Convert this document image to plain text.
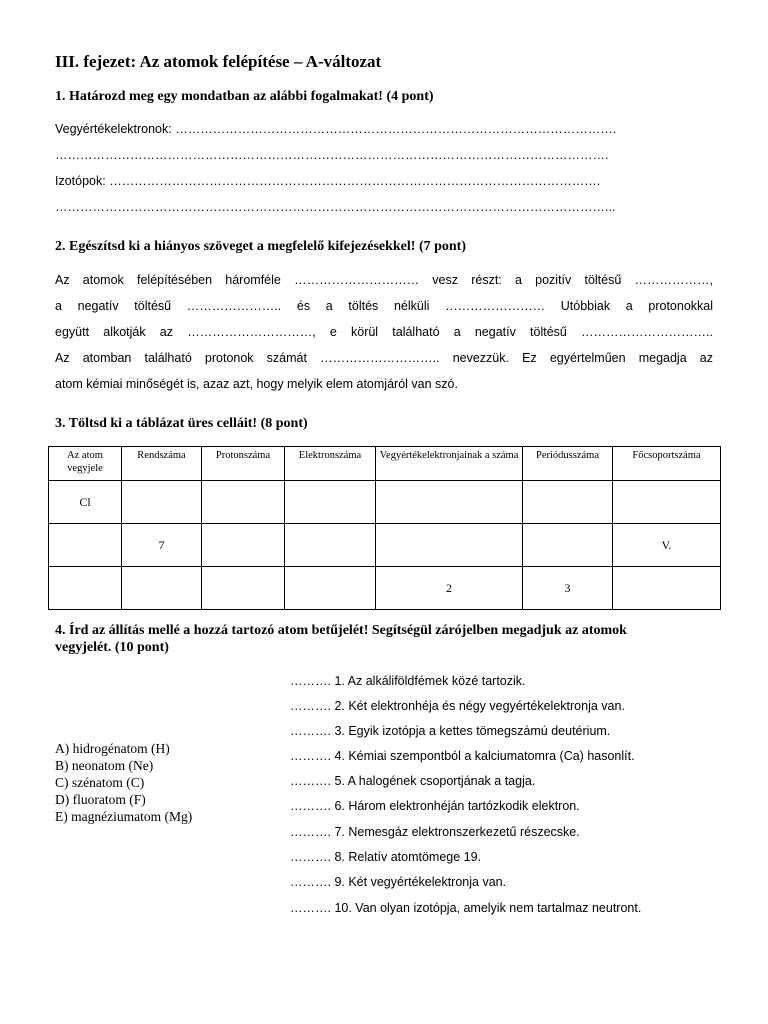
III. fejezet: Az atomok felépítése – A-változat
1. Határozd meg egy mondatban az alábbi fogalmakat! (4 pont)
Vegyértékelektronok: …………………………………………………………………………………………….
…………………………………………………………………………………………………………………….
Izotópok: ……………………………………………………………………………………………………….
……………………………………………………………………………………………………………………...
2. Egészítsd ki a hiányos szöveget a megfelelő kifejezésekkel! (7 pont)
Az atomok felépítésében háromféle ………………………… vesz részt: a pozitív töltésű ………………,
a negatív töltésű ………………….. és a töltés nélküli …………………… Utóbbiak a protonokkal
együtt alkotják az …………………………, e körül található a negatív töltésű …………………………..
Az atomban található protonok számát ……………………….. nevezzük. Ez egyértelműen megadja az
atom kémiai minőségét is, azaz azt, hogy melyik elem atomjáról van szó.
3. Töltsd ki a táblázat üres celláit! (8 pont)
Az atom vegyjele	Rendszáma	Protonszáma	Elektronszáma	Vegyértékelektronjainak a száma	Periódusszáma	Főcsoportszáma
Cl						
	7					V.
				2	3	
4. Írd az állítás mellé a hozzá tartozó atom betűjelét! Segítségül zárójelben megadjuk az atomok
vegyjelét. (10 pont)
A) hidrogénatom (H)
B) neonatom (Ne)
C) szénatom (C)
D) fluoratom (F)
E) magnéziumatom (Mg)
………. 1. Az alkáliföldfémek közé tartozik.
………. 2. Két elektronhéja és négy vegyértékelektronja van.
………. 3. Egyik izotópja a kettes tömegszámú deutérium.
………. 4. Kémiai szempontból a kalciumatomra (Ca) hasonlít.
………. 5. A halogének csoportjának a tagja.
………. 6. Három elektronhéján tartózkodik elektron.
………. 7. Nemesgáz elektronszerkezetű részecske.
………. 8. Relatív atomtömege 19.
………. 9. Két vegyértékelektronja van.
………. 10. Van olyan izotópja, amelyik nem tartalmaz neutront.
